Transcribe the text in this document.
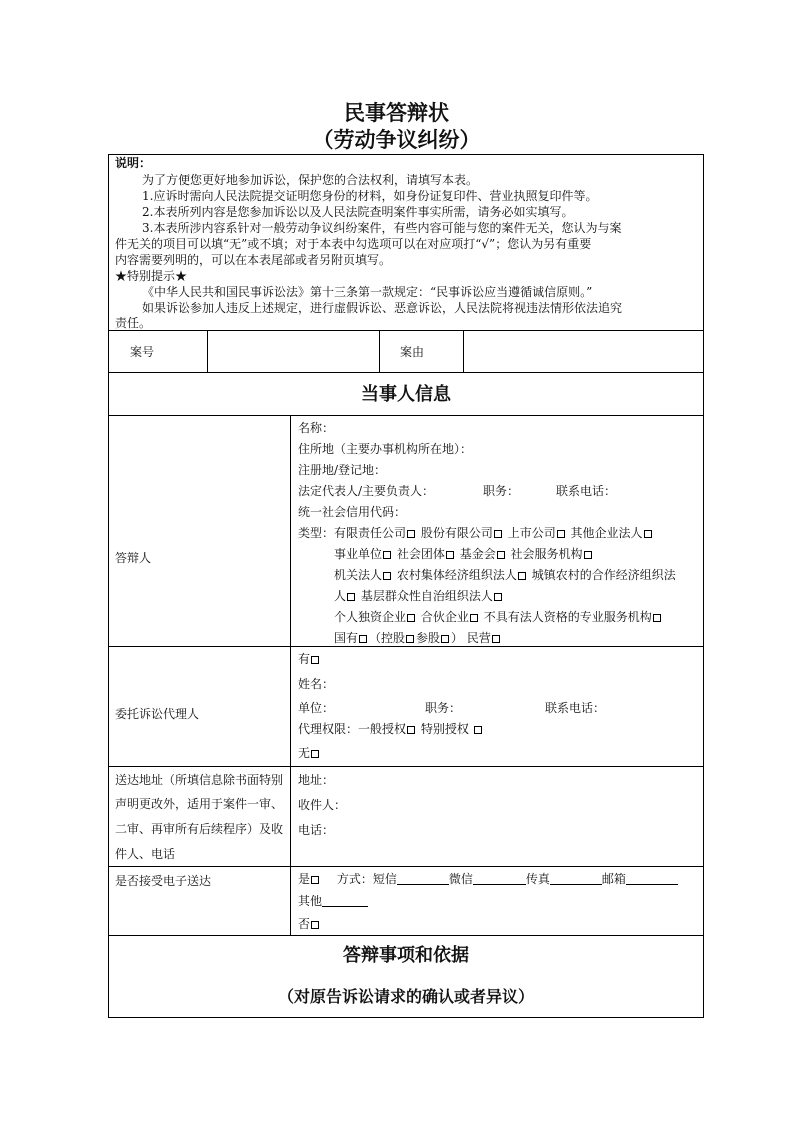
民事答辩状
（劳动争议纠纷）
说明：
为了方便您更好地参加诉讼，保护您的合法权利，请填写本表。
1.应诉时需向人民法院提交证明您身份的材料，如身份证复印件、营业执照复印件等。
2.本表所列内容是您参加诉讼以及人民法院查明案件事实所需，请务必如实填写。
3.本表所涉内容系针对一般劳动争议纠纷案件，有些内容可能与您的案件无关，您认为与案
件无关的项目可以填“无”或不填；对于本表中勾选项可以在对应项打“√”；您认为另有重要
内容需要列明的，可以在本表尾部或者另附页填写。
★特别提示★
《中华人民共和国民事诉讼法》第十三条第一款规定：“民事诉讼应当遵循诚信原则。”
如果诉讼参加人违反上述规定，进行虚假诉讼、恶意诉讼，人民法院将视违法情形依法追究
责任。
案号	案由
当事人信息
答辩人
名称：
住所地（主要办事机构所在地）：
注册地/登记地：
法定代表人/主要负责人：	职务：	联系电话：
统一社会信用代码：
类型：有限责任公司 股份有限公司 上市公司 其他企业法人
事业单位 社会团体 基金会 社会服务机构
机关法人 农村集体经济组织法人 城镇农村的合作经济组织法
人 基层群众性自治组织法人
个人独资企业 合伙企业 不具有法人资格的专业服务机构
国有 （控股 参股 ） 民营
委托诉讼代理人
有
姓名：
单位：	职务：	联系电话：
代理权限：一般授权 特别授权
无
送达地址（所填信息除书面特别
声明更改外，适用于案件一审、
二审、再审所有后续程序）及收
件人、电话
地址：
收件人：
电话：
是否接受电子送达	是 方式：短信	微信	传真	邮箱
其他
否
答辩事项和依据
（对原告诉讼请求的确认或者异议）
